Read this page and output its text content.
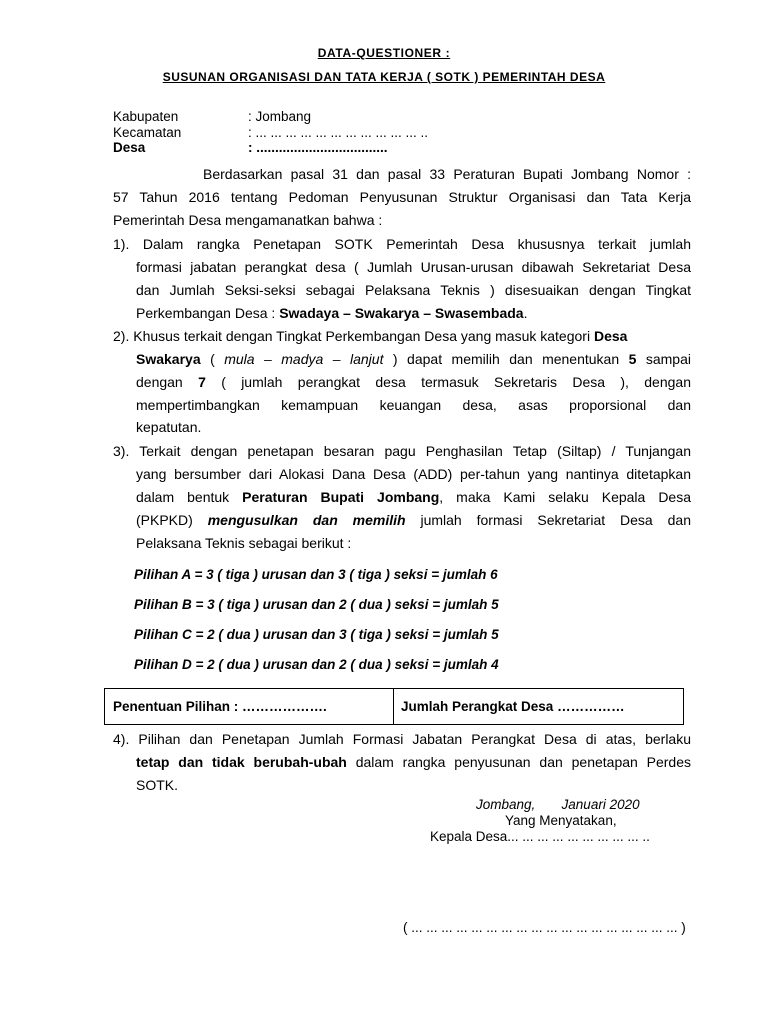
DATA-QUESTIONER :
SUSUNAN ORGANISASI DAN TATA KERJA ( SOTK ) PEMERINTAH DESA
Kabupaten	: Jombang
Kecamatan	: ... ... ... ... ... ... ... ... ... ... ... ..
Desa	: ...................................
Berdasarkan pasal 31 dan pasal 33 Peraturan Bupati Jombang Nomor :
57 Tahun 2016 tentang Pedoman Penyusunan Struktur Organisasi dan Tata Kerja
Pemerintah Desa mengamanatkan bahwa :
1). Dalam rangka Penetapan SOTK Pemerintah Desa khususnya terkait jumlah
formasi jabatan perangkat desa ( Jumlah Urusan-urusan dibawah Sekretariat Desa
dan Jumlah Seksi-seksi sebagai Pelaksana Teknis ) disesuaikan dengan Tingkat
Perkembangan Desa : Swadaya – Swakarya – Swasembada.
2). Khusus terkait dengan Tingkat Perkembangan Desa yang masuk kategori Desa
Swakarya ( mula – madya – lanjut ) dapat memilih dan menentukan 5 sampai
dengan 7 ( jumlah perangkat desa termasuk Sekretaris Desa ), dengan
mempertimbangkan kemampuan keuangan desa, asas proporsional dan
kepatutan.
3). Terkait dengan penetapan besaran pagu Penghasilan Tetap (Siltap) / Tunjangan
yang bersumber dari Alokasi Dana Desa (ADD) per-tahun yang nantinya ditetapkan
dalam bentuk Peraturan Bupati Jombang, maka Kami selaku Kepala Desa
(PKPKD) mengusulkan dan memilih jumlah formasi Sekretariat Desa dan
Pelaksana Teknis sebagai berikut :
Pilihan A = 3 ( tiga ) urusan dan 3 ( tiga ) seksi = jumlah 6
Pilihan B = 3 ( tiga ) urusan dan 2 ( dua ) seksi = jumlah 5
Pilihan C = 2 ( dua ) urusan dan 3 ( tiga ) seksi = jumlah 5
Pilihan D = 2 ( dua ) urusan dan 2 ( dua ) seksi = jumlah 4
Penentuan Pilihan : ……………….	Jumlah Perangkat Desa ……………
4). Pilihan dan Penetapan Jumlah Formasi Jabatan Perangkat Desa di atas, berlaku
tetap dan tidak berubah-ubah dalam rangka penyusunan dan penetapan Perdes
SOTK.
Jombang,       Januari 2020
Yang Menyatakan,
Kepala Desa... ... ... ... ... ... ... ... ... ..
( ... ... ... ... ... ... ... ... ... ... ... ... ... ... ... ... ... ... )
